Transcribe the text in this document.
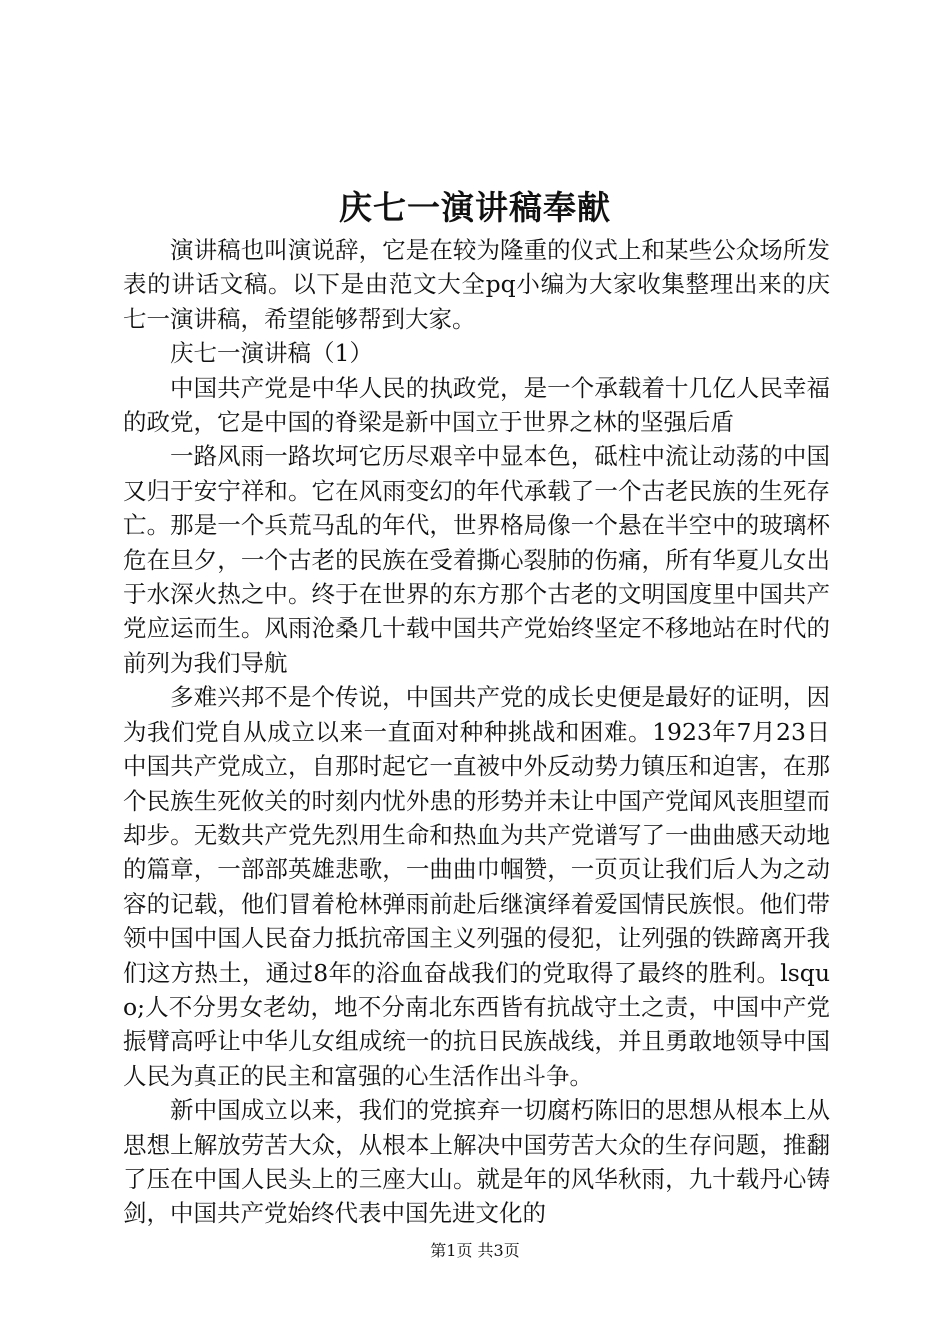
庆七一演讲稿奉献

演讲稿也叫演说辞，它是在较为隆重的仪式上和某些公众场所发表的讲话文稿。以下是由范文大全pq小编为大家收集整理出来的庆七一演讲稿，希望能够帮到大家。

庆七一演讲稿（1）

中国共产党是中华人民的执政党，是一个承载着十几亿人民幸福的政党，它是中国的脊梁是新中国立于世界之林的坚强后盾

一路风雨一路坎坷它历尽艰辛中显本色，砥柱中流让动荡的中国又归于安宁祥和。它在风雨变幻的年代承载了一个古老民族的生死存亡。那是一个兵荒马乱的年代，世界格局像一个悬在半空中的玻璃杯危在旦夕，一个古老的民族在受着撕心裂肺的伤痛，所有华夏儿女出于水深火热之中。终于在世界的东方那个古老的文明国度里中国共产党应运而生。风雨沧桑几十载中国共产党始终坚定不移地站在时代的前列为我们导航

多难兴邦不是个传说，中国共产党的成长史便是最好的证明，因为我们党自从成立以来一直面对种种挑战和困难。1923年7月23日中国共产党成立，自那时起它一直被中外反动势力镇压和迫害，在那个民族生死攸关的时刻内忧外患的形势并未让中国产党闻风丧胆望而却步。无数共产党先烈用生命和热血为共产党谱写了一曲曲感天动地的篇章，一部部英雄悲歌，一曲曲巾帼赞，一页页让我们后人为之动容的记载，他们冒着枪林弹雨前赴后继演绎着爱国情民族恨。他们带领中国中国人民奋力抵抗帝国主义列强的侵犯，让列强的铁蹄离开我们这方热土，通过8年的浴血奋战我们的党取得了最终的胜利。lsquo;人不分男女老幼，地不分南北东西皆有抗战守土之责，中国中产党振臂高呼让中华儿女组成统一的抗日民族战线，并且勇敢地领导中国人民为真正的民主和富强的心生活作出斗争。

新中国成立以来，我们的党摈弃一切腐朽陈旧的思想从根本上从思想上解放劳苦大众，从根本上解决中国劳苦大众的生存问题，推翻了压在中国人民头上的三座大山。就是年的风华秋雨，九十载丹心铸剑，中国共产党始终代表中国先进文化的

第1页 共3页
